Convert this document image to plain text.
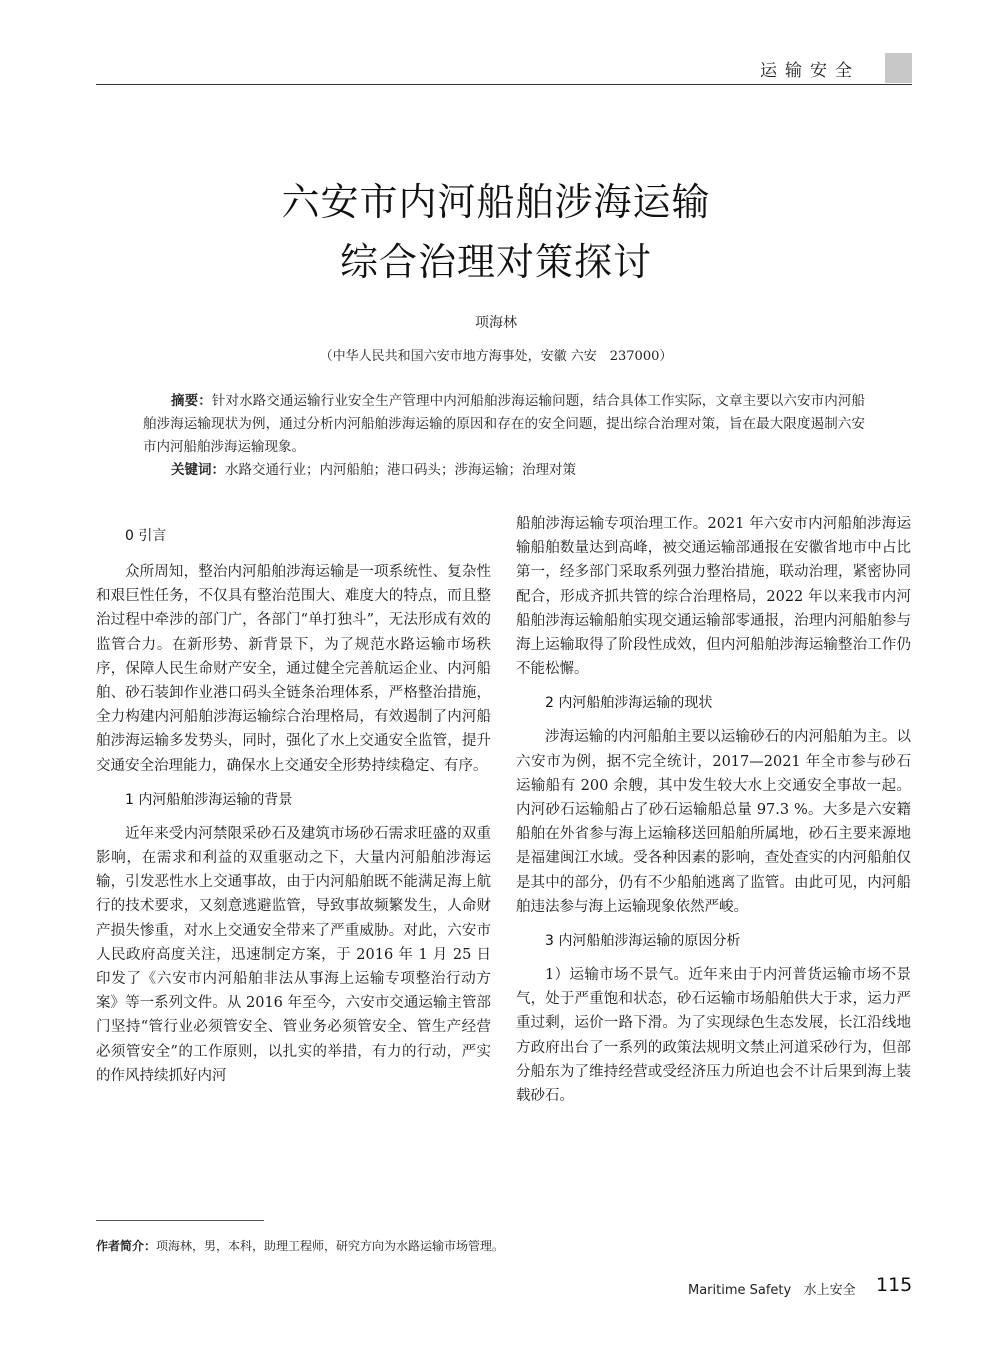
运输安全
六安市内河船舶涉海运输
综合治理对策探讨
项海林
（中华人民共和国六安市地方海事处，安徽 六安　237000）

摘要：针对水路交通运输行业安全生产管理中内河船舶涉海运输问题，结合具体工作实际，文章主要以六安市内河船舶涉海运输现状为例，通过分析内河船舶涉海运输的原因和存在的安全问题，提出综合治理对策，旨在最大限度遏制六安市内河船舶涉海运输现象。

关键词：水路交通行业；内河船舶；港口码头；涉海运输；治理对策

0 引言

众所周知，整治内河船舶涉海运输是一项系统性、复杂性和艰巨性任务，不仅具有整治范围大、难度大的特点，而且整治过程中牵涉的部门广，各部门“单打独斗”，无法形成有效的监管合力。在新形势、新背景下，为了规范水路运输市场秩序，保障人民生命财产安全，通过健全完善航运企业、内河船舶、砂石装卸作业港口码头全链条治理体系，严格整治措施，全力构建内河船舶涉海运输综合治理格局，有效遏制了内河船舶涉海运输多发势头，同时，强化了水上交通安全监管，提升交通安全治理能力，确保水上交通安全形势持续稳定、有序。

1 内河船舶涉海运输的背景

近年来受内河禁限采砂石及建筑市场砂石需求旺盛的双重影响，在需求和利益的双重驱动之下，大量内河船舶涉海运输，引发恶性水上交通事故，由于内河船舶既不能满足海上航行的技术要求，又刻意逃避监管，导致事故频繁发生，人命财产损失惨重，对水上交通安全带来了严重威胁。对此，六安市人民政府高度关注，迅速制定方案，于 2016 年 1 月 25 日印发了《六安市内河船舶非法从事海上运输专项整治行动方案》等一系列文件。从 2016 年至今，六安市交通运输主管部门坚持“管行业必须管安全、管业务必须管安全、管生产经营必须管安全”的工作原则，以扎实的举措，有力的行动，严实的作风持续抓好内河

船舶涉海运输专项治理工作。2021 年六安市内河船舶涉海运输船舶数量达到高峰，被交通运输部通报在安徽省地市中占比第一，经多部门采取系列强力整治措施，联动治理，紧密协同配合，形成齐抓共管的综合治理格局，2022 年以来我市内河船舶涉海运输船舶实现交通运输部零通报，治理内河船舶参与海上运输取得了阶段性成效，但内河船舶涉海运输整治工作仍不能松懈。

2 内河船舶涉海运输的现状

涉海运输的内河船舶主要以运输砂石的内河船舶为主。以六安市为例，据不完全统计，2017—2021 年全市参与砂石运输船有 200 余艘，其中发生较大水上交通安全事故一起。内河砂石运输船占了砂石运输船总量 97.3 %。大多是六安籍船舶在外省参与海上运输移送回船舶所属地，砂石主要来源地是福建闽江水域。受各种因素的影响，查处查实的内河船舶仅是其中的部分，仍有不少船舶逃离了监管。由此可见，内河船舶违法参与海上运输现象依然严峻。

3 内河船舶涉海运输的原因分析

1）运输市场不景气。近年来由于内河普货运输市场不景气，处于严重饱和状态，砂石运输市场船舶供大于求，运力严重过剩，运价一路下滑。为了实现绿色生态发展，长江沿线地方政府出台了一系列的政策法规明文禁止河道采砂行为，但部分船东为了维持经营或受经济压力所迫也会不计后果到海上装载砂石。

作者简介：项海林，男，本科，助理工程师，研究方向为水路运输市场管理。
Maritime Safety 水上安全	115
